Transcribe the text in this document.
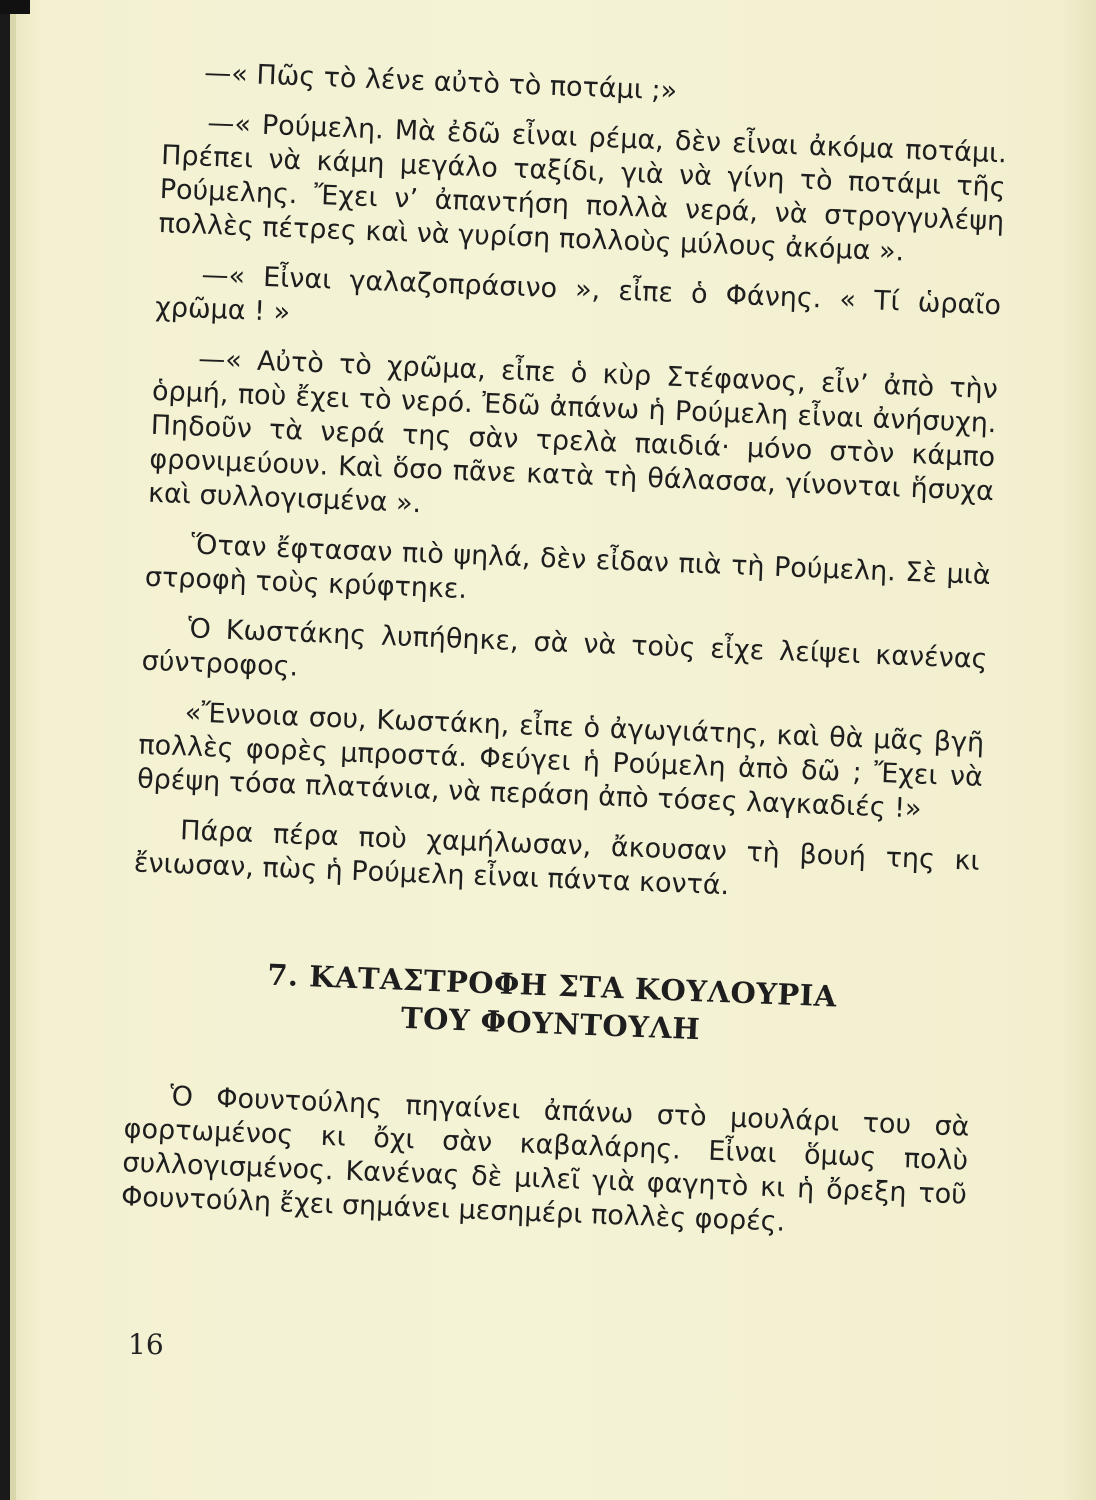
—« Πῶς τὸ λένε αὐτὸ τὸ ποτάμι ;»

—« Ρούμελη. Μὰ ἐδῶ εἶναι ρέμα, δὲν εἶναι ἀκόμα ποτάμι. Πρέπει νὰ κάμη μεγάλο ταξίδι, γιὰ νὰ γίνη τὸ ποτάμι τῆς Ρούμελης. Ἔχει ν’ ἀπαντήση πολλὰ νερά, νὰ στρογγυλέψη πολλὲς πέτρες καὶ νὰ γυρίση πολλοὺς μύλους ἀκόμα ».

—« Εἶναι γαλαζοπράσινο », εἶπε ὁ Φάνης. « Τί ὡραῖο χρῶμα ! »

—« Αὐτὸ τὸ χρῶμα, εἶπε ὁ κὺρ Στέφανος, εἶν’ ἀπὸ τὴν ὁρμή, ποὺ ἔχει τὸ νερό. Ἐδῶ ἀπάνω ἡ Ρούμελη εἶναι ἀνήσυχη. Πηδοῦν τὰ νερά της σὰν τρελὰ παιδιά· μόνο στὸν κάμπο φρονιμεύουν. Καὶ ὅσο πᾶνε κατὰ τὴ θάλασσα, γίνονται ἥσυχα καὶ συλλογισμένα ».

Ὅταν ἔφτασαν πιὸ ψηλά, δὲν εἶδαν πιὰ τὴ Ρούμελη. Σὲ μιὰ στροφὴ τοὺς κρύφτηκε.

Ὁ Κωστάκης λυπήθηκε, σὰ νὰ τοὺς εἶχε λείψει κανένας σύντροφος.

«Ἔννοια σου, Κωστάκη, εἶπε ὁ ἀγωγιάτης, καὶ θὰ μᾶς βγῆ πολλὲς φορὲς μπροστά. Φεύγει ἡ Ρούμελη ἀπὸ δῶ ; Ἔχει νὰ θρέψη τόσα πλατάνια, νὰ περάση ἀπὸ τόσες λαγκαδιές !»

Πάρα πέρα ποὺ χαμήλωσαν, ἄκουσαν τὴ βουή της κι ἔνιωσαν, πὼς ἡ Ρούμελη εἶναι πάντα κοντά.

7. ΚΑΤΑΣΤΡΟΦΗ ΣΤΑ ΚΟΥΛΟΥΡΙΑ
ΤΟΥ ΦΟΥΝΤΟΥΛΗ

Ὁ Φουντούλης πηγαίνει ἀπάνω στὸ μουλάρι του σὰ φορτωμένος κι ὄχι σὰν καβαλάρης. Εἶναι ὅμως πολὺ συλλογισμένος. Κανένας δὲ μιλεῖ γιὰ φαγητὸ κι ἡ ὄρεξη τοῦ Φουντούλη ἔχει σημάνει μεσημέρι πολλὲς φορές.

16
